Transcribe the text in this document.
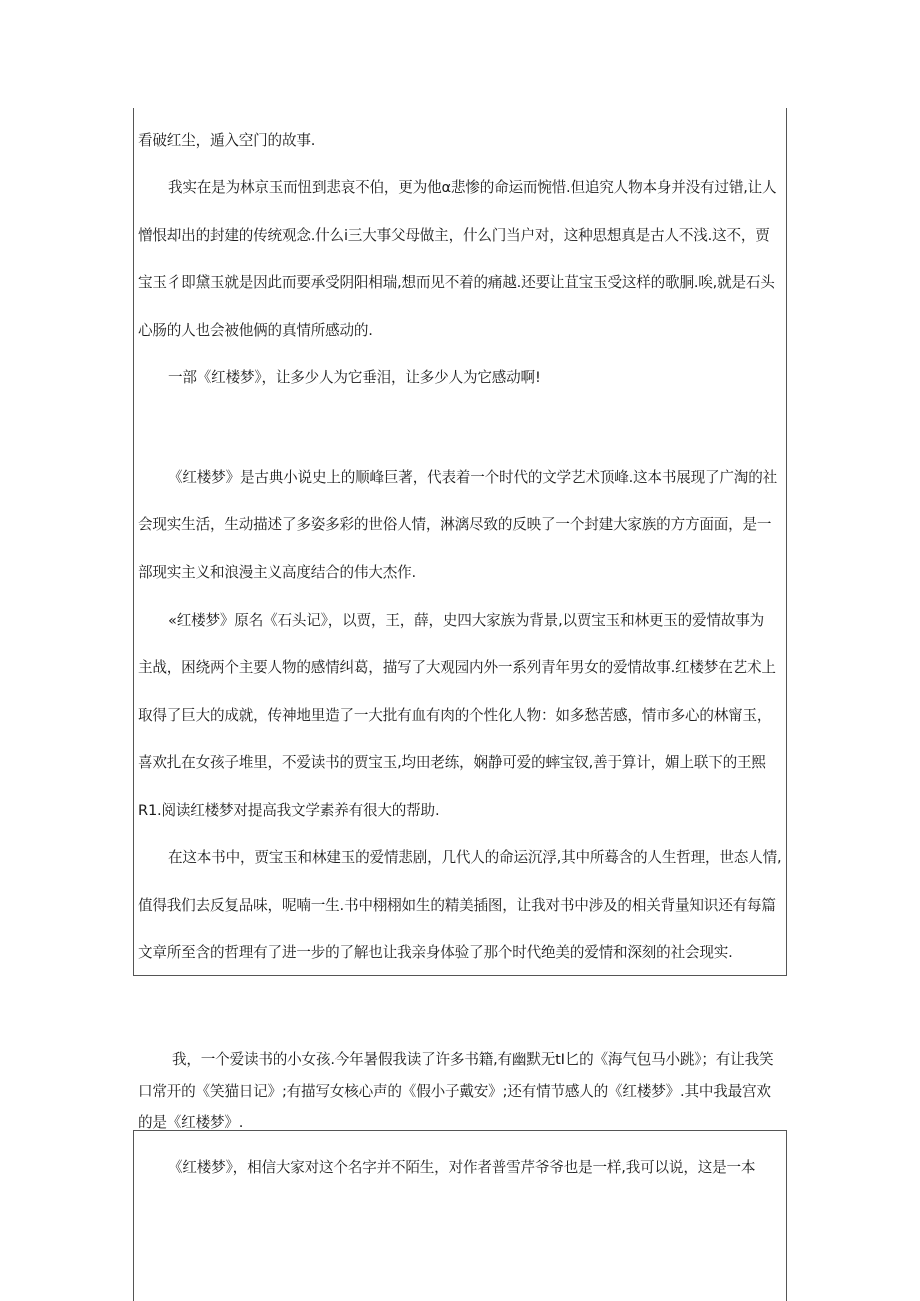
看破红尘，遁入空门的故事.

我实在是为林京玉而忸到悲哀不伯，更为他α悲惨的命运而惋惜.但追究人物本身并没有过错,让人

憎恨却出的封建的传统观念.什么i三大事父母做主，什么门当户对，这种思想真是古人不浅.这不，贾

宝玉彳即黛玉就是因此而要承受阴阳相瑞,想而见不着的痛越.还要让苴宝玉受这样的歌胴.唉,就是石头

心肠的人也会被他俩的真情所感动的.

一部《红楼梦》，让多少人为它垂泪，让多少人为它感动啊!

《红楼梦》是古典小说史上的顺峰巨著，代表着一个时代的文学艺术顶峰.这本书展现了广淘的社

会现实生活，生动描述了多姿多彩的世俗人情，淋漓尽致的反映了一个封建大家族的方方面面，是一

部现实主义和浪漫主义高度结合的伟大杰作.

«红楼梦》原名《石头记》，以贾，王，薛，史四大家族为背景,以贾宝玉和林更玉的爱情故事为

主战，困绕两个主要人物的感情纠葛，描写了大观园内外一系列青年男女的爱情故事.红楼梦在艺术上

取得了巨大的成就，传神地里造了一大批有血有肉的个性化人物：如多愁苦感，情市多心的林甯玉，

喜欢扎在女孩子堆里，不爱读书的贾宝玉,均田老练，娴静可爱的蟀宝钗,善于算计，媚上联下的王熙

R1.阅读红楼梦对提高我文学素养有很大的帮助.

在这本书中，贾宝玉和林建玉的爱情悲剧，几代人的命运沉浮,其中所蓦含的人生哲理，世态人情,

值得我们去反复品味，呢喃一生.书中栩栩如生的精美插图，让我对书中涉及的相关背量知识还有每篇

文章所至含的哲理有了进一步的了解也让我亲身体验了那个时代绝美的爱情和深刻的社会现实.

我，一个爱读书的小女孩.今年暑假我读了许多书籍,有幽默无tI匕的《海气包马小跳》；有让我笑

口常开的《笑猫日记》;有描写女核心声的《假小子戴安》;还有情节感人的《红楼梦》.其中我最宫欢

的是《红楼梦》.

《红楼梦》，相信大家对这个名字并不陌生，对作者普雪芹爷爷也是一样,我可以说，这是一本
